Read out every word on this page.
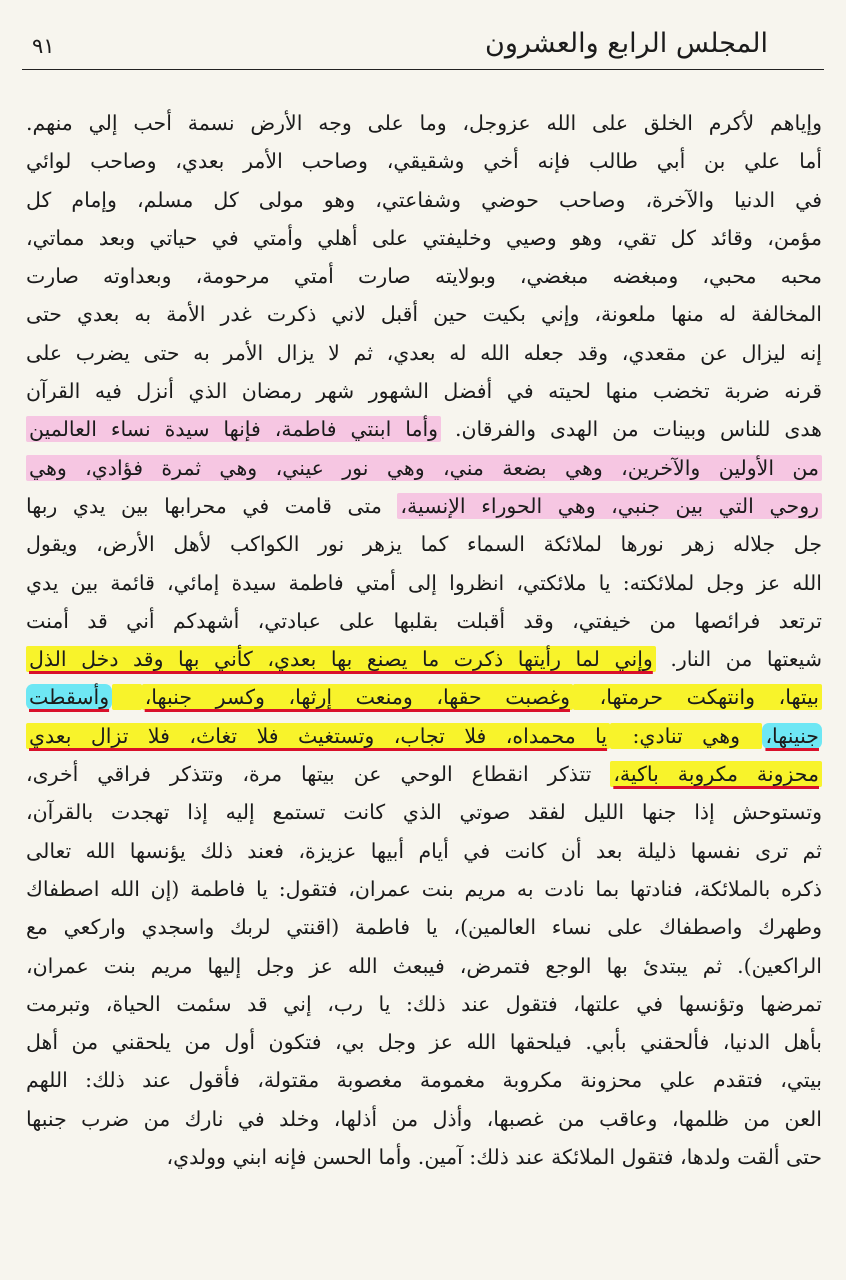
المجلس الرابع والعشرون
٩١
وإياهم لأكرم الخلق على الله عزوجل، وما على وجه الأرض نسمة أحب إلي منهم.
أما علي بن أبي طالب فإنه أخي وشقيقي، وصاحب الأمر بعدي، وصاحب لوائي
في الدنيا والآخرة، وصاحب حوضي وشفاعتي، وهو مولى كل مسلم، وإمام كل
مؤمن، وقائد كل تقي، وهو وصيي وخليفتي على أهلي وأمتي في حياتي وبعد مماتي،
محبه محبي، ومبغضه مبغضي، وبولايته صارت أمتي مرحومة، وبعداوته صارت
المخالفة له منها ملعونة، وإني بكيت حين أقبل لاني ذكرت غدر الأمة به بعدي حتى
إنه ليزال عن مقعدي، وقد جعله الله له بعدي، ثم لا يزال الأمر به حتى يضرب على
قرنه ضربة تخضب منها لحيته في أفضل الشهور شهر رمضان الذي أنزل فيه القرآن
هدى للناس وبينات من الهدى والفرقان. وأما ابنتي فاطمة، فإنها سيدة نساء العالمين
من الأولين والآخرين، وهي بضعة مني، وهي نور عيني، وهي ثمرة فؤادي، وهي
روحي التي بين جنبي، وهي الحوراء الإنسية، متى قامت في محرابها بين يدي ربها
جل جلاله زهر نورها لملائكة السماء كما يزهر نور الكواكب لأهل الأرض، ويقول
الله عز وجل لملائكته: يا ملائكتي، انظروا إلى أمتي فاطمة سيدة إمائي، قائمة بين يدي
ترتعد فرائصها من خيفتي، وقد أقبلت بقلبها على عبادتي، أشهدكم أني قد أمنت
شيعتها من النار. وإني لما رأيتها ذكرت ما يصنع بها بعدي، كأني بها وقد دخل الذل
بيتها، وانتهكت حرمتها، وغصبت حقها، ومنعت إرثها، وكسر جنبها، وأسقطت
جنينها، وهي تنادي: يا محمداه، فلا تجاب، وتستغيث فلا تغاث، فلا تزال بعدي
محزونة مكروبة باكية، تتذكر انقطاع الوحي عن بيتها مرة، وتتذكر فراقي أخرى،
وتستوحش إذا جنها الليل لفقد صوتي الذي كانت تستمع إليه إذا تهجدت بالقرآن،
ثم ترى نفسها ذليلة بعد أن كانت في أيام أبيها عزيزة، فعند ذلك يؤنسها الله تعالى
ذكره بالملائكة، فنادتها بما نادت به مريم بنت عمران، فتقول: يا فاطمة (إن الله اصطفاك
وطهرك واصطفاك على نساء العالمين)، يا فاطمة (اقنتي لربك واسجدي واركعي مع
الراكعين). ثم يبتدئ بها الوجع فتمرض، فيبعث الله عز وجل إليها مريم بنت عمران،
تمرضها وتؤنسها في علتها، فتقول عند ذلك: يا رب، إني قد سئمت الحياة، وتبرمت
بأهل الدنيا، فألحقني بأبي. فيلحقها الله عز وجل بي، فتكون أول من يلحقني من أهل
بيتي، فتقدم علي محزونة مكروبة مغمومة مغصوبة مقتولة، فأقول عند ذلك: اللهم
العن من ظلمها، وعاقب من غصبها، وأذل من أذلها، وخلد في نارك من ضرب جنبها
حتى ألقت ولدها، فتقول الملائكة عند ذلك: آمين. وأما الحسن فإنه ابني وولدي،
